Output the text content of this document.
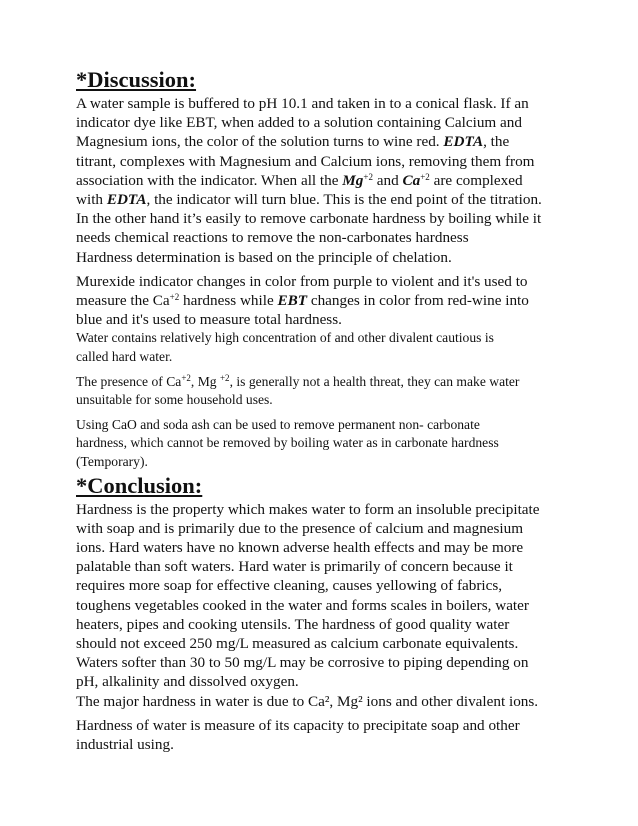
*Discussion:

A water sample is buffered to pH 10.1 and taken in to a conical flask. If an

indicator dye like EBT, when added to a solution containing Calcium and

Magnesium ions, the color of the solution turns to wine red. EDTA, the

titrant, complexes with Magnesium and Calcium ions, removing them from

association with the indicator. When all the $Mg^{+2}$ and $Ca^{+2}$ are complexed

with EDTA, the indicator will turn blue. This is the end point of the titration.

In the other hand it’s easily to remove carbonate hardness by boiling while it

needs chemical reactions to remove the non-carbonates hardness

Hardness determination is based on the principle of chelation.

Murexide indicator changes in color from purple to violent and it's used to

measure the $Ca^{+2}$ hardness while EBT changes in color from red-wine into

blue and it's used to measure total hardness.

Water contains relatively high concentration of and other divalent cautious is

called hard water.

The presence of $Ca^{+2}$, Mg $^{+2}$, is generally not a health threat, they can make water

unsuitable for some household uses.

Using CaO and soda ash can be used to remove permanent non- carbonate

hardness, which cannot be removed by boiling water as in carbonate hardness

(Temporary).

*Conclusion:

Hardness is the property which makes water to form an insoluble precipitate

with soap and is primarily due to the presence of calcium and magnesium

ions. Hard waters have no known adverse health effects and may be more

palatable than soft waters. Hard water is primarily of concern because it

requires more soap for effective cleaning, causes yellowing of fabrics,

toughens vegetables cooked in the water and forms scales in boilers, water

heaters, pipes and cooking utensils. The hardness of good quality water

should not exceed 250 mg/L measured as calcium carbonate equivalents.

Waters softer than 30 to 50 mg/L may be corrosive to piping depending on

pH, alkalinity and dissolved oxygen.

The major hardness in water is due to Ca², Mg² ions and other divalent ions.

Hardness of water is measure of its capacity to precipitate soap and other

industrial using.
